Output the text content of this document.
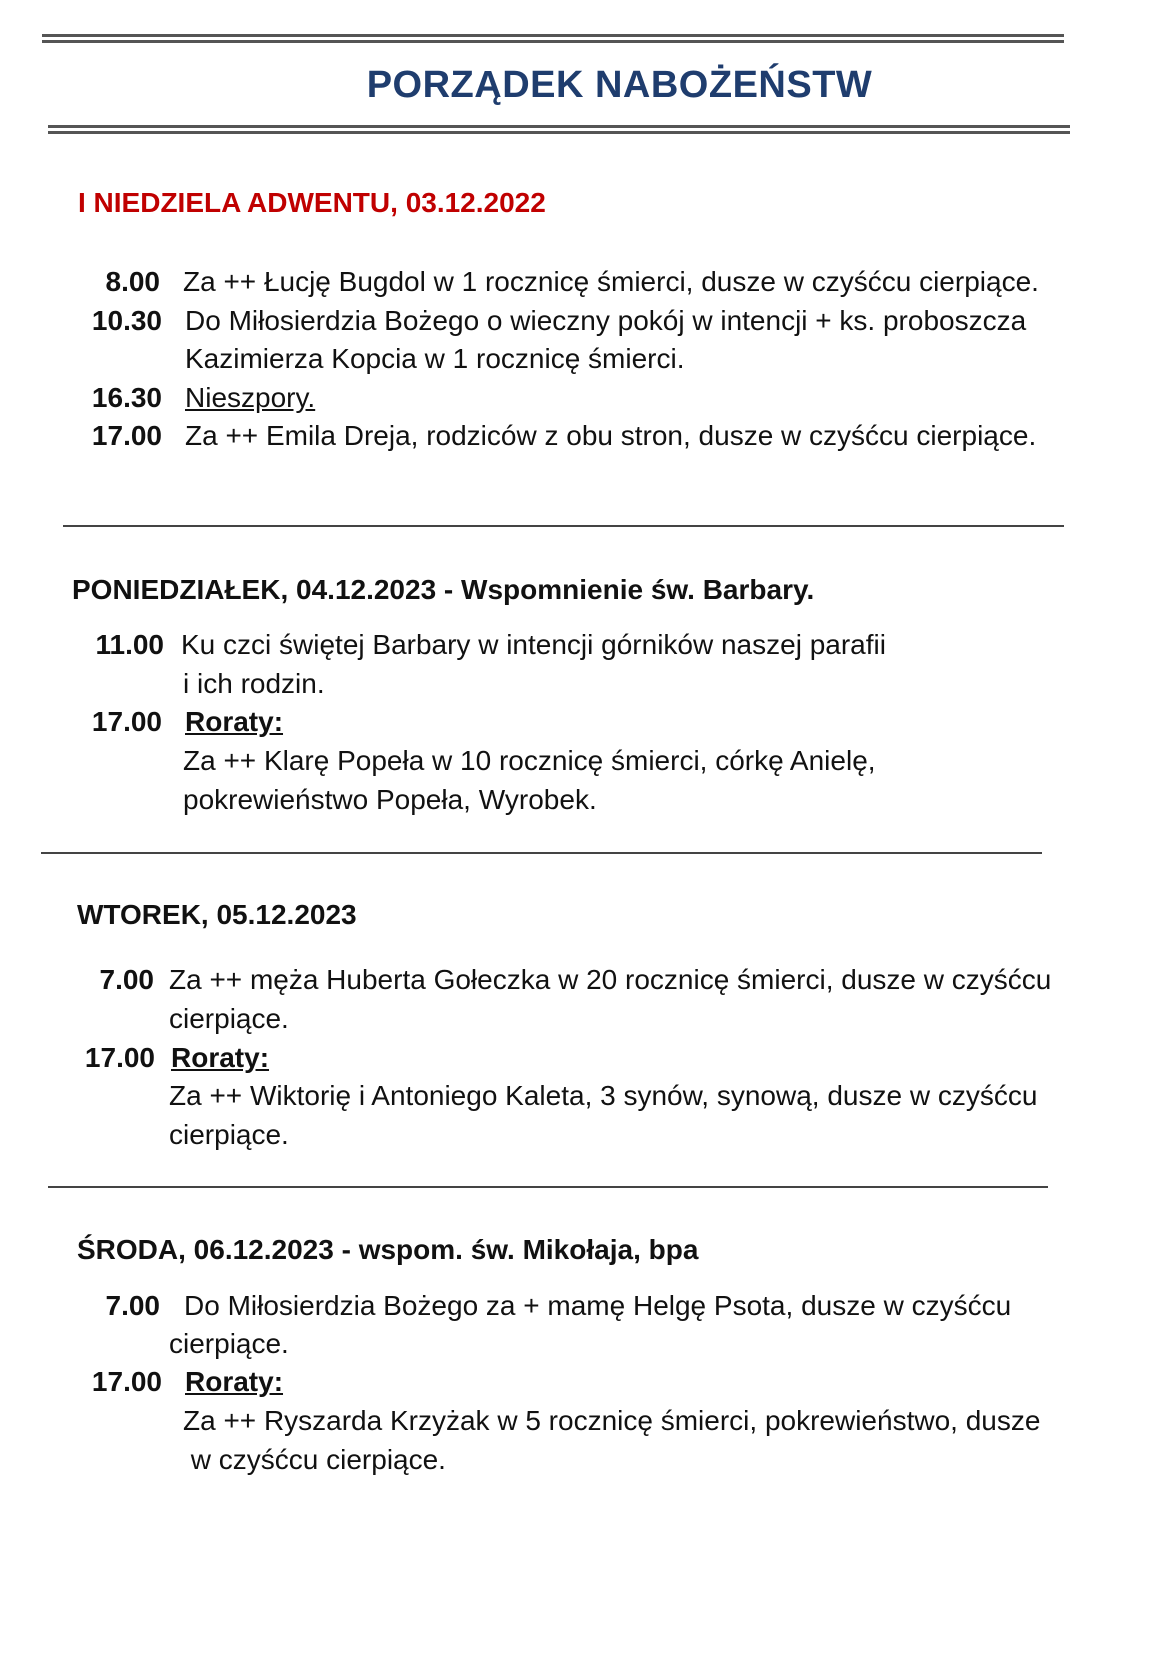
PORZĄDEK NABOŻEŃSTW
I NIEDZIELA ADWENTU, 03.12.2022
8.00 Za ++ Łucję Bugdol w 1 rocznicę śmierci, dusze w czyśćcu cierpiące.
10.30 Do Miłosierdzia Bożego o wieczny pokój w intencji + ks. proboszcza
Kazimierza Kopcia w 1 rocznicę śmierci.
16.30 Nieszpory.
17.00 Za ++ Emila Dreja, rodziców z obu stron, dusze w czyśćcu cierpiące.
PONIEDZIAŁEK, 04.12.2023 - Wspomnienie św. Barbary.
11.00 Ku czci świętej Barbary w intencji górników naszej parafii
i ich rodzin.
17.00 Roraty:
Za ++ Klarę Popeła w 10 rocznicę śmierci, córkę Anielę,
pokrewieństwo Popeła, Wyrobek.
WTOREK, 05.12.2023
7.00 Za ++ męża Huberta Gołeczka w 20 rocznicę śmierci, dusze w czyśćcu
cierpiące.
17.00 Roraty:
Za ++ Wiktorię i Antoniego Kaleta, 3 synów, synową, dusze w czyśćcu
cierpiące.
ŚRODA, 06.12.2023 - wspom. św. Mikołaja, bpa
7.00 Do Miłosierdzia Bożego za + mamę Helgę Psota, dusze w czyśćcu
cierpiące.
17.00 Roraty:
Za ++ Ryszarda Krzyżak w 5 rocznicę śmierci, pokrewieństwo, dusze
w czyśćcu cierpiące.
